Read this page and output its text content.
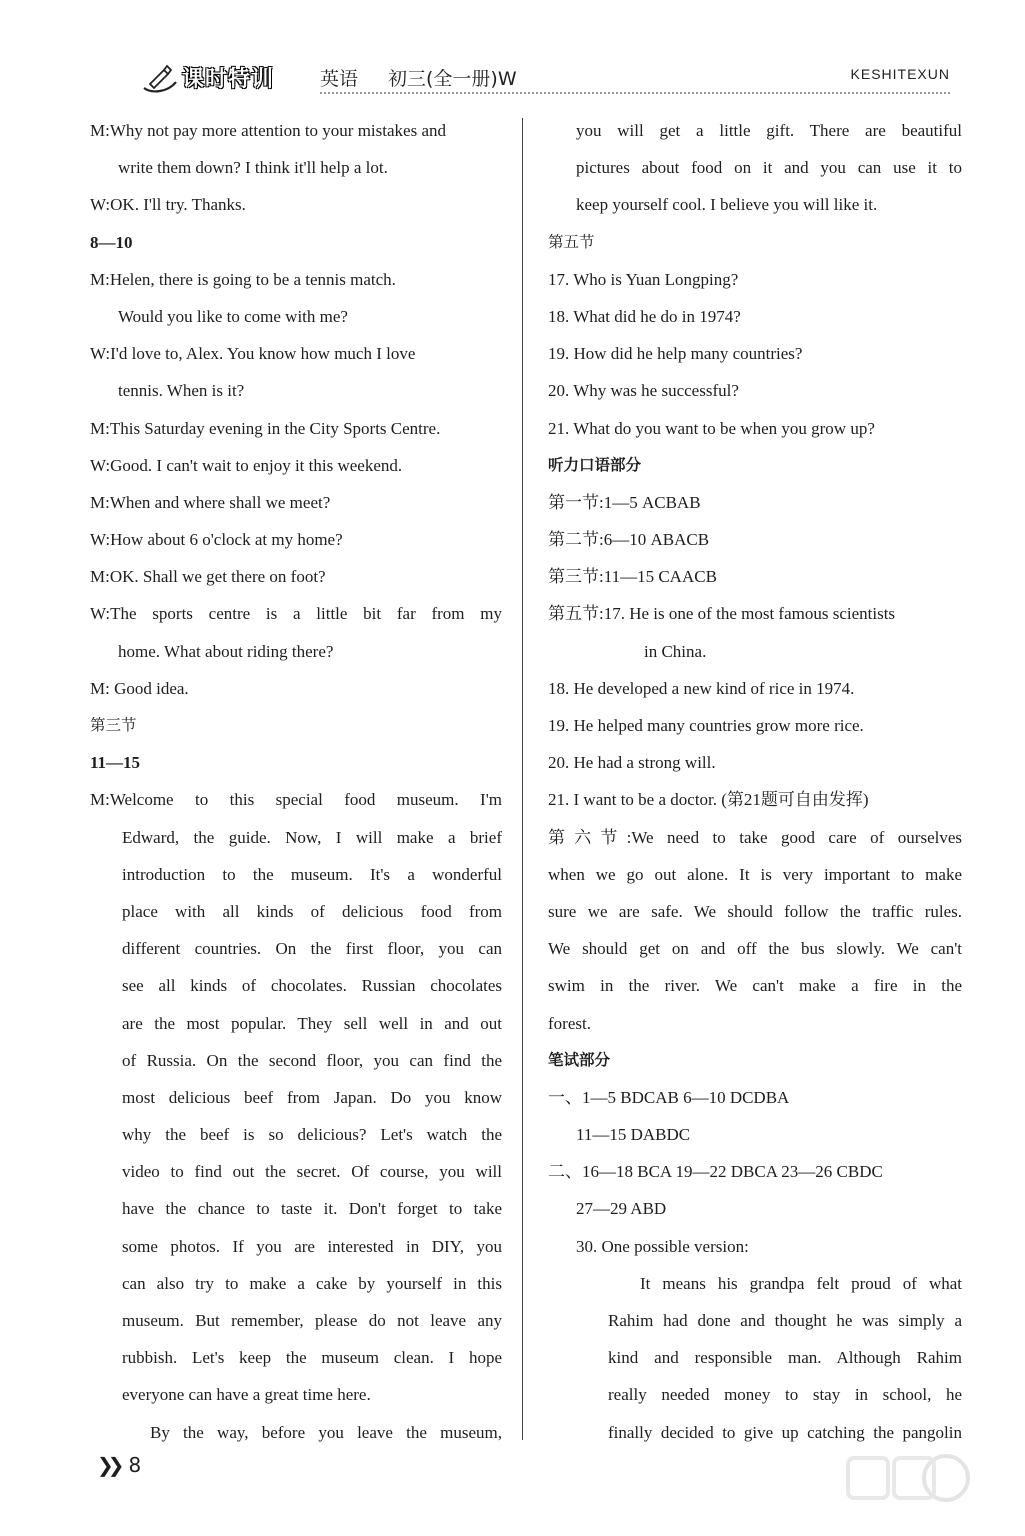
课时特训 英语 初三(全一册)W	KESHITEXUN
M:Why not pay more attention to your mistakes and
write them down? I think it'll help a lot.
W:OK. I'll try. Thanks.
8—10
M:Helen, there is going to be a tennis match.
Would you like to come with me?
W:I'd love to, Alex. You know how much I love
tennis. When is it?
M:This Saturday evening in the City Sports Centre.
W:Good. I can't wait to enjoy it this weekend.
M:When and where shall we meet?
W:How about 6 o'clock at my home?
M:OK. Shall we get there on foot?
W:The sports centre is a little bit far from my
home. What about riding there?
M: Good idea.
第三节
11—15
M:Welcome to this special food museum. I'm
Edward, the guide. Now, I will make a brief
introduction to the museum. It's a wonderful
place with all kinds of delicious food from
different countries. On the first floor, you can
see all kinds of chocolates. Russian chocolates
are the most popular. They sell well in and out
of Russia. On the second floor, you can find the
most delicious beef from Japan. Do you know
why the beef is so delicious? Let's watch the
video to find out the secret. Of course, you will
have the chance to taste it. Don't forget to take
some photos. If you are interested in DIY, you
can also try to make a cake by yourself in this
museum. But remember, please do not leave any
rubbish. Let's keep the museum clean. I hope
everyone can have a great time here.
By the way, before you leave the museum,
you will get a little gift. There are beautiful
pictures about food on it and you can use it to
keep yourself cool. I believe you will like it.
第五节
17. Who is Yuan Longping?
18. What did he do in 1974?
19. How did he help many countries?
20. Why was he successful?
21. What do you want to be when you grow up?
听力口语部分
第一节:1—5 ACBAB
第二节:6—10 ABACB
第三节:11—15 CAACB
第五节:17. He is one of the most famous scientists
in China.
18. He developed a new kind of rice in 1974.
19. He helped many countries grow more rice.
20. He had a strong will.
21. I want to be a doctor. (第21题可自由发挥)
第六节:We need to take good care of ourselves
when we go out alone. It is very important to make
sure we are safe. We should follow the traffic rules.
We should get on and off the bus slowly. We can't
swim in the river. We can't make a fire in the
forest.
笔试部分
一、1—5 BDCAB 6—10 DCDBA
11—15 DABDC
二、16—18 BCA 19—22 DBCA 23—26 CBDC
27—29 ABD
30. One possible version:
It means his grandpa felt proud of what
Rahim had done and thought he was simply a
kind and responsible man. Although Rahim
really needed money to stay in school, he
finally decided to give up catching the pangolin
❯❯ 8
